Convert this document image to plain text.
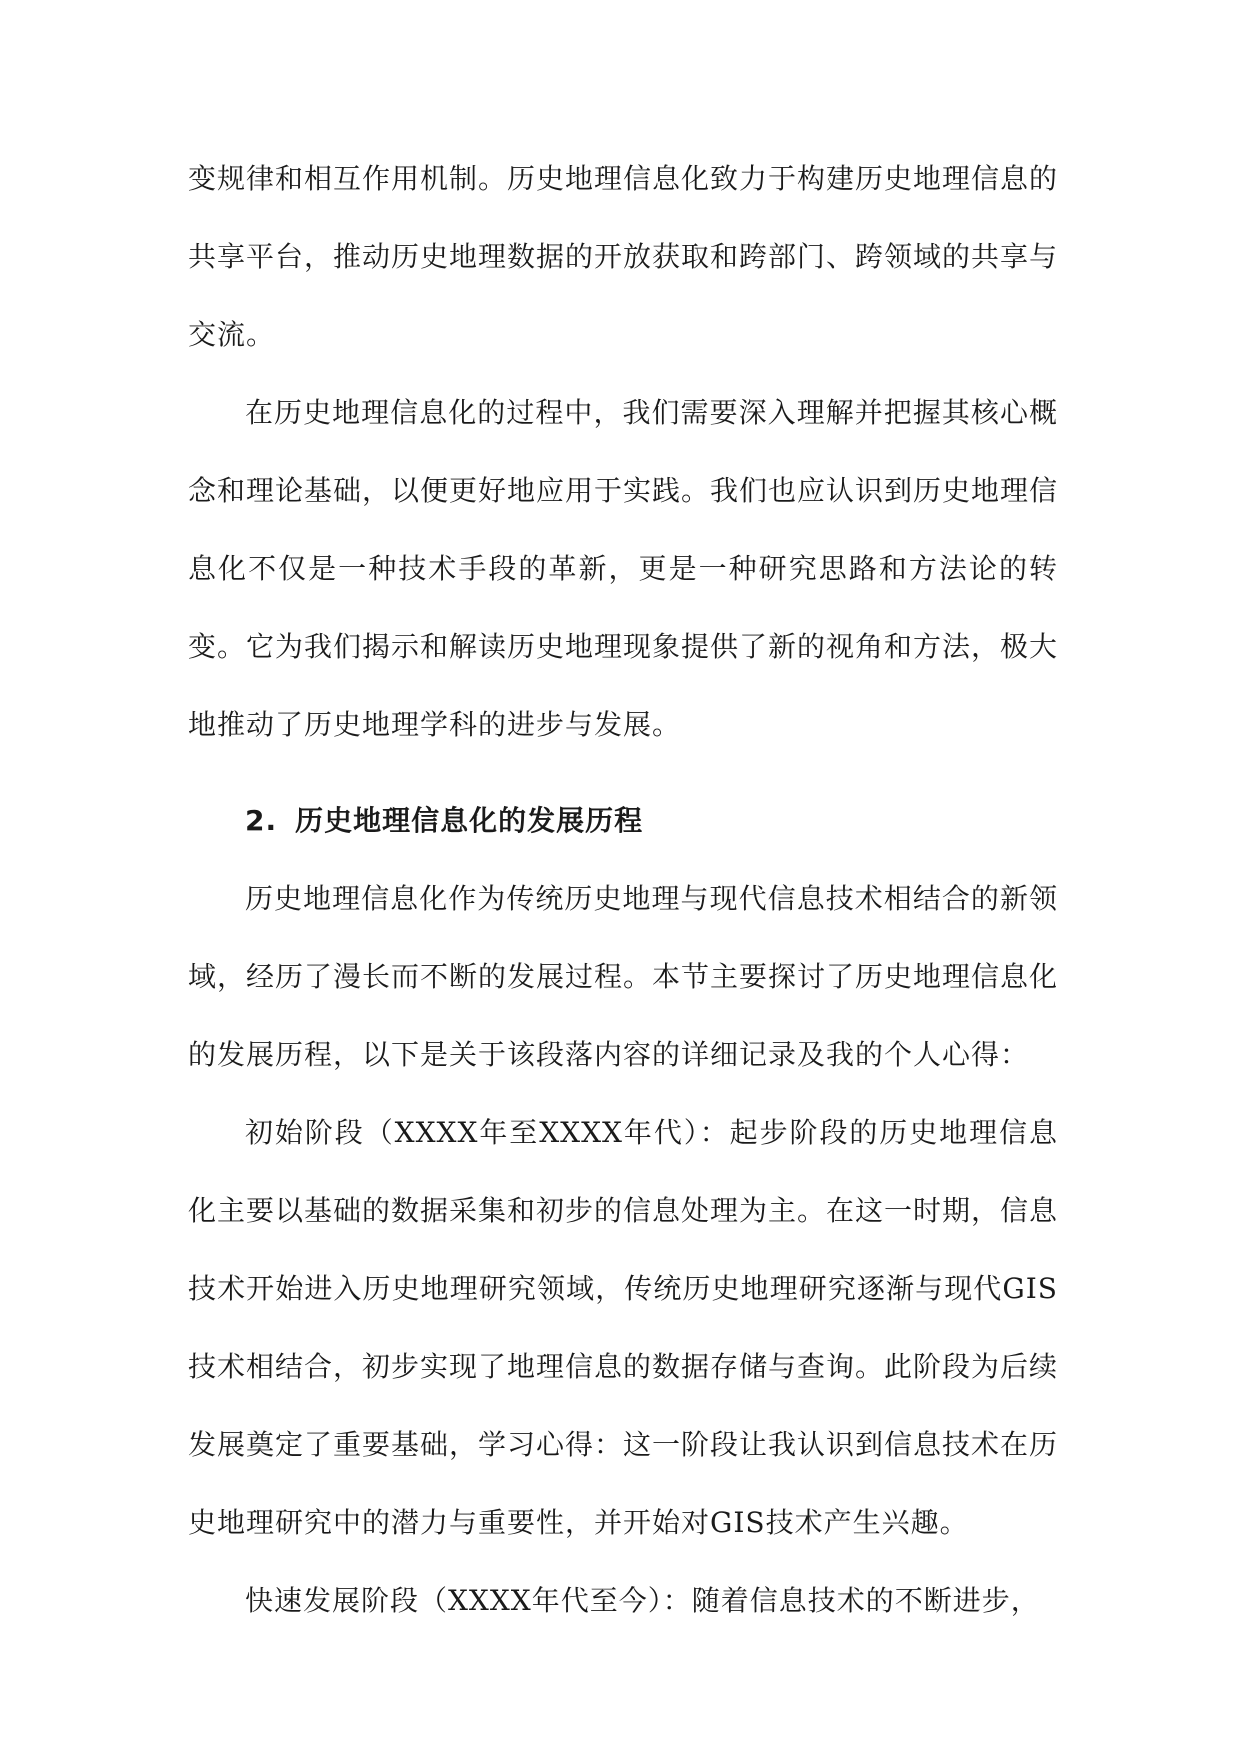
变规律和相互作用机制。历史地理信息化致力于构建历史地理信息的共享平台，推动历史地理数据的开放获取和跨部门、跨领域的共享与交流。

在历史地理信息化的过程中，我们需要深入理解并把握其核心概念和理论基础，以便更好地应用于实践。我们也应认识到历史地理信息化不仅是一种技术手段的革新，更是一种研究思路和方法论的转变。它为我们揭示和解读历史地理现象提供了新的视角和方法，极大地推动了历史地理学科的进步与发展。

2. 历史地理信息化的发展历程

历史地理信息化作为传统历史地理与现代信息技术相结合的新领域，经历了漫长而不断的发展过程。本节主要探讨了历史地理信息化的发展历程，以下是关于该段落内容的详细记录及我的个人心得：

初始阶段（XXXX年至XXXX年代）：起步阶段的历史地理信息化主要以基础的数据采集和初步的信息处理为主。在这一时期，信息技术开始进入历史地理研究领域，传统历史地理研究逐渐与现代GIS技术相结合，初步实现了地理信息的数据存储与查询。此阶段为后续发展奠定了重要基础，学习心得：这一阶段让我认识到信息技术在历史地理研究中的潜力与重要性，并开始对GIS技术产生兴趣。

快速发展阶段（XXXX年代至今）：随着信息技术的不断进步，
